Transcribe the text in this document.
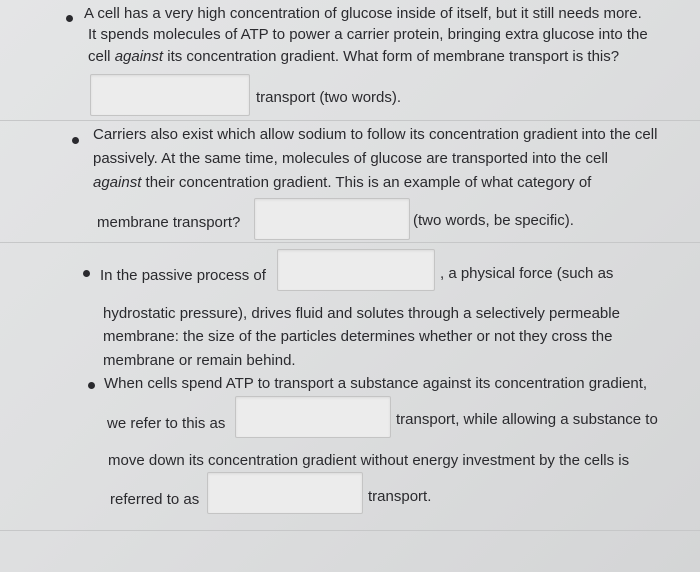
A cell has a very high concentration of glucose inside of itself, but it still needs more.
It spends molecules of ATP to power a carrier protein, bringing extra glucose into the
cell against its concentration gradient. What form of membrane transport is this?
transport (two words).
Carriers also exist which allow sodium to follow its concentration gradient into the cell
passively. At the same time, molecules of glucose are transported into the cell
against their concentration gradient. This is an example of what category of
membrane transport?	(two words, be specific).
In the passive process of	, a physical force (such as
hydrostatic pressure), drives fluid and solutes through a selectively permeable
membrane: the size of the particles determines whether or not they cross the
membrane or remain behind.
When cells spend ATP to transport a substance against its concentration gradient,
we refer to this as	transport, while allowing a substance to
move down its concentration gradient without energy investment by the cells is
referred to as	transport.
